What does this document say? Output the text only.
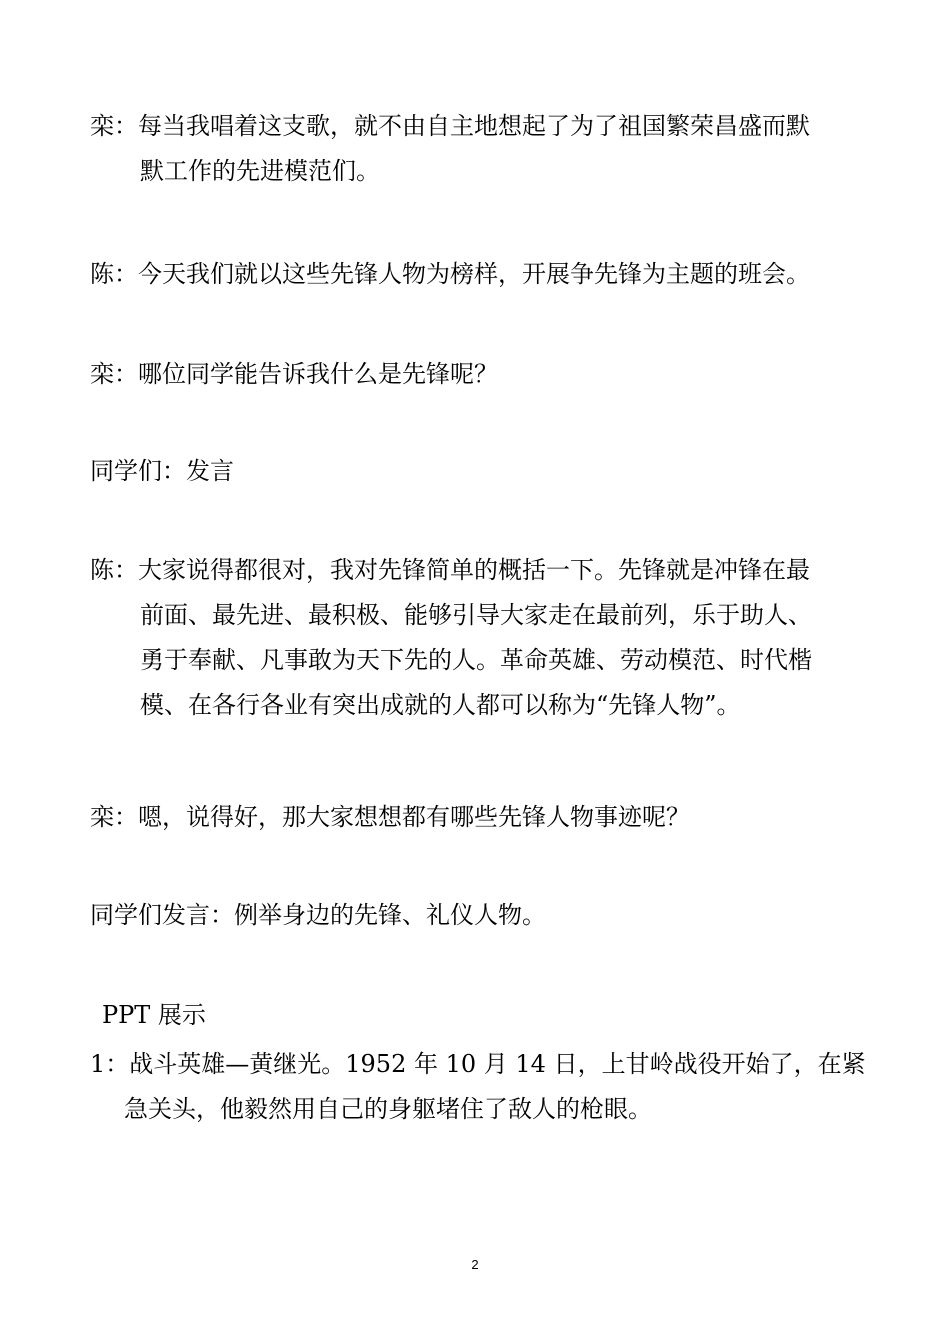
栾：每当我唱着这支歌，就不由自主地想起了为了祖国繁荣昌盛而默
默工作的先进模范们。
陈：今天我们就以这些先锋人物为榜样，开展争先锋为主题的班会。
栾：哪位同学能告诉我什么是先锋呢？
同学们：发言
陈：大家说得都很对，我对先锋简单的概括一下。先锋就是冲锋在最
前面、最先进、最积极、能够引导大家走在最前列，乐于助人、
勇于奉献、凡事敢为天下先的人。革命英雄、劳动模范、时代楷
模、在各行各业有突出成就的人都可以称为“先锋人物”。
栾：嗯，说得好，那大家想想都有哪些先锋人物事迹呢？
同学们发言：例举身边的先锋、礼仪人物。
PPT 展示
1：战斗英雄—黄继光。1952 年 10 月 14 日，上甘岭战役开始了，在紧
急关头，他毅然用自己的身躯堵住了敌人的枪眼。
2
